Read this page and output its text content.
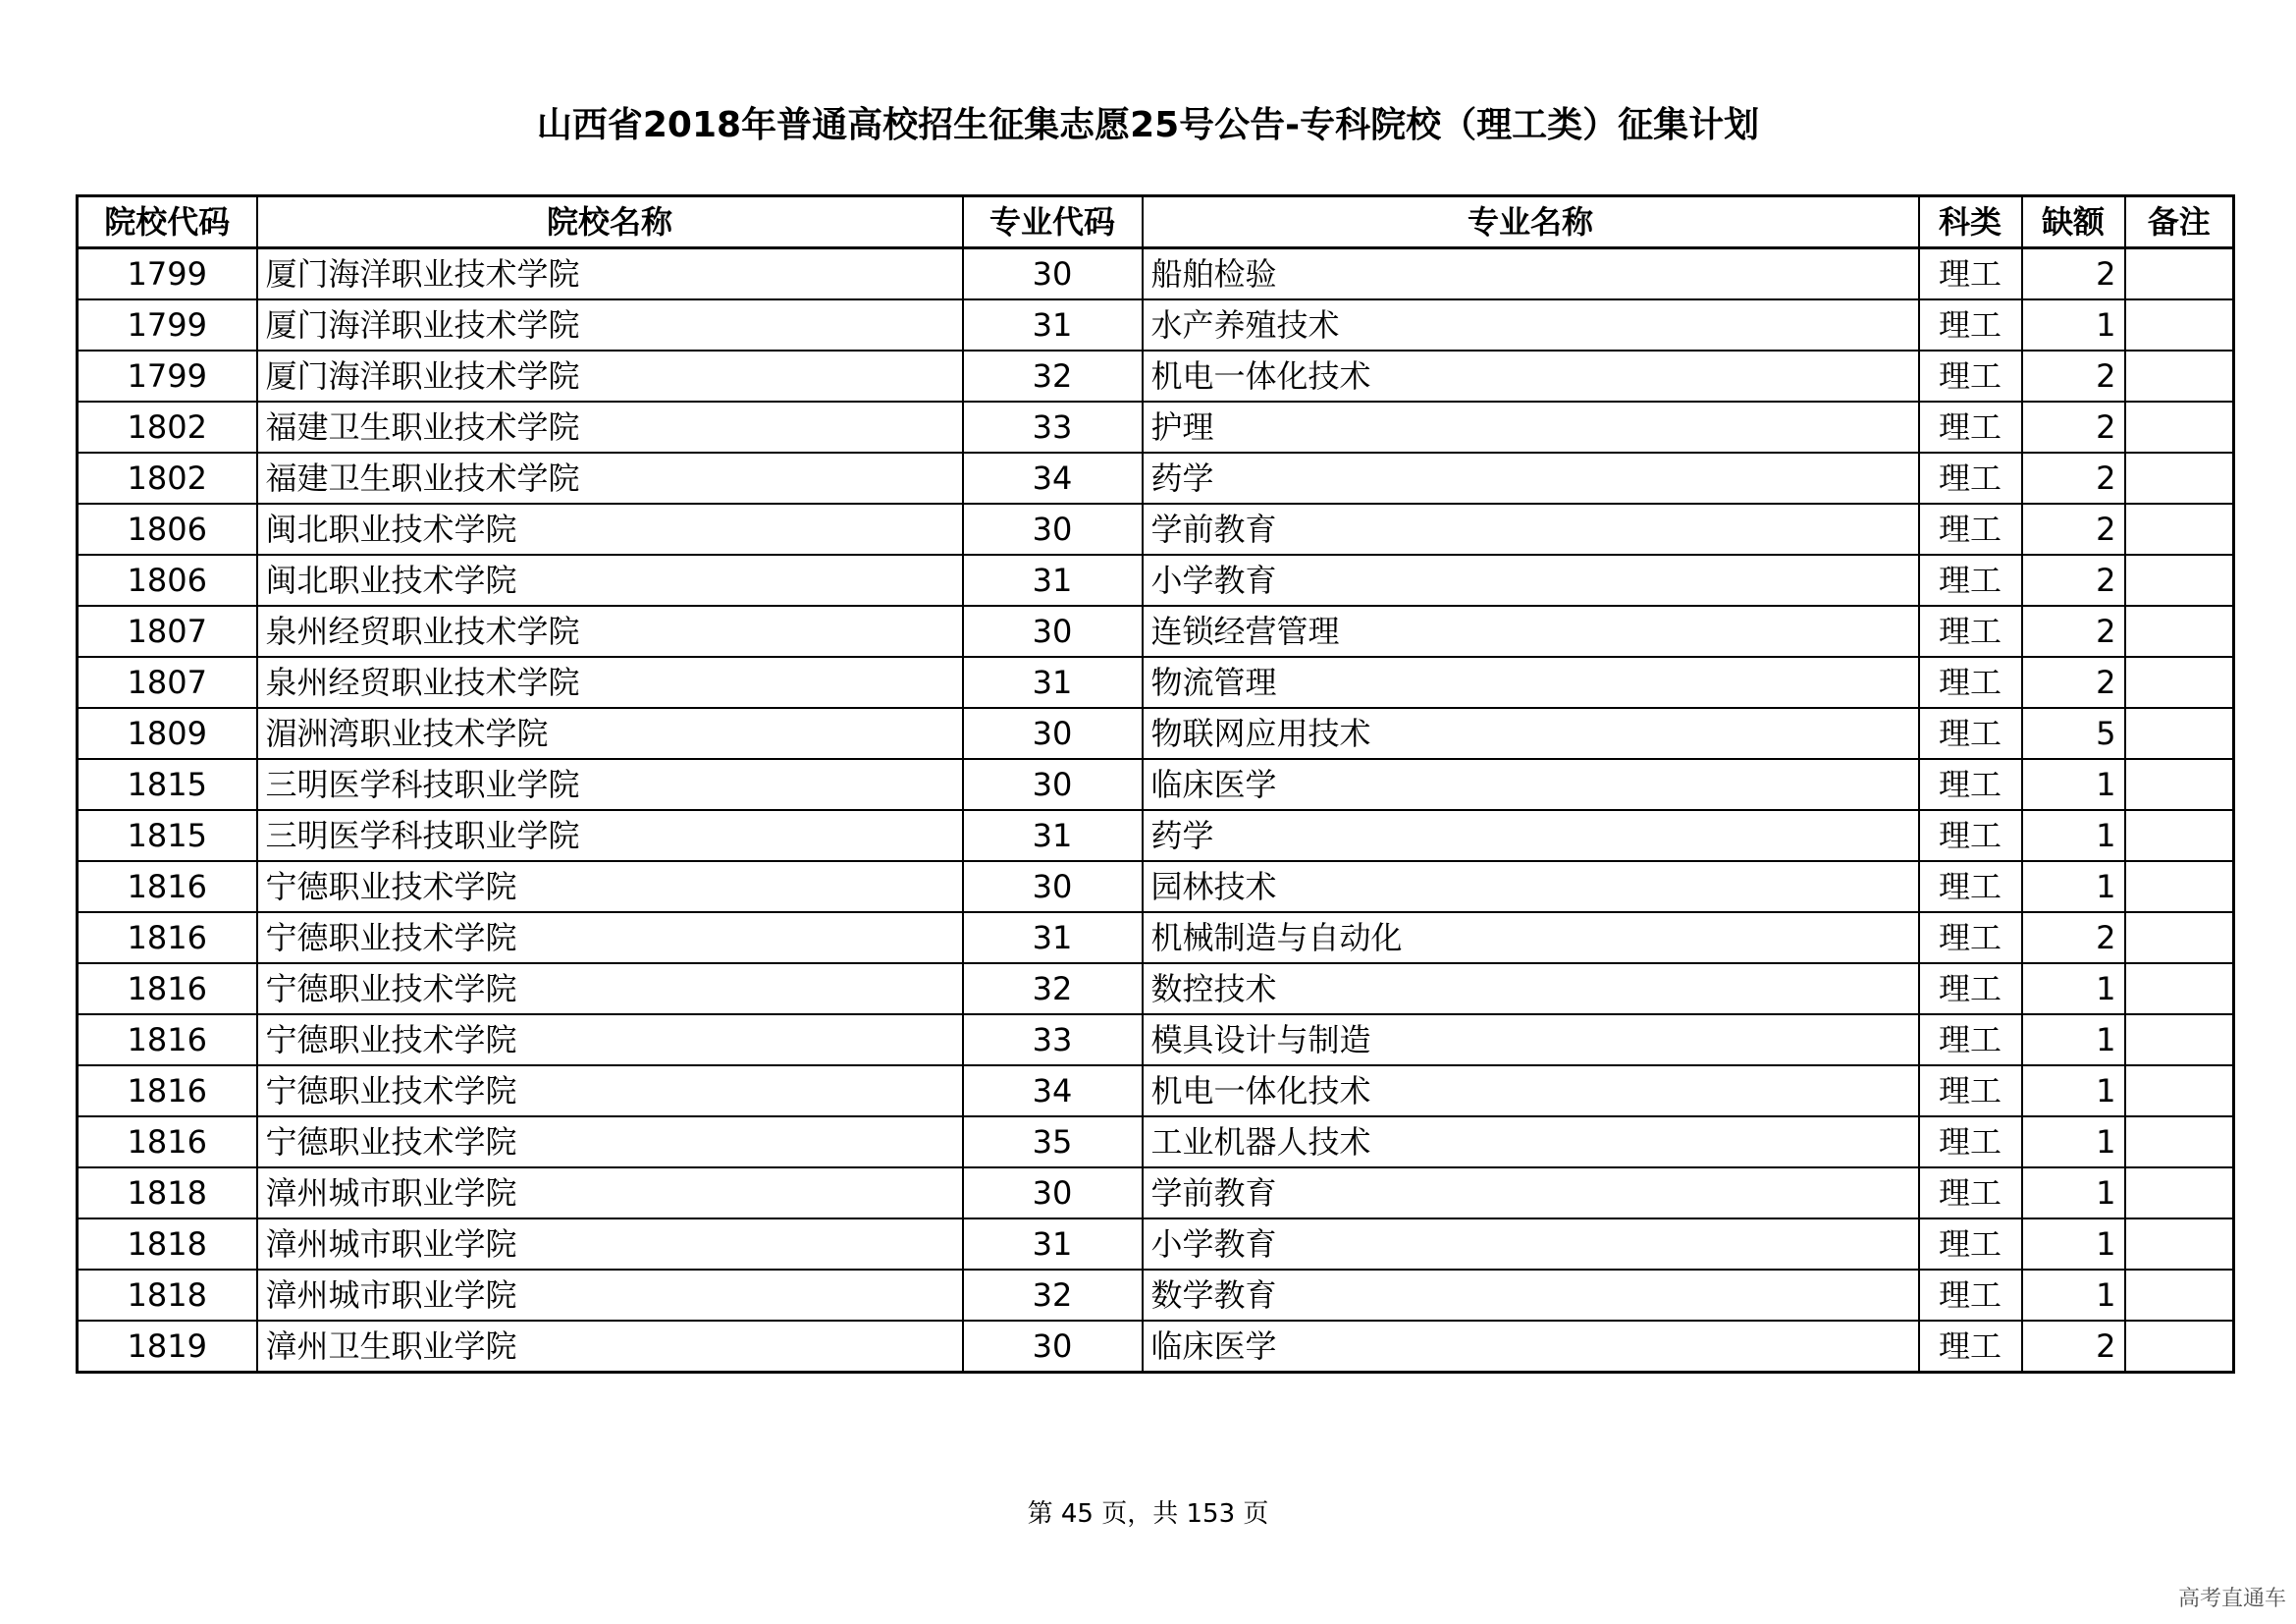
山西省2018年普通高校招生征集志愿25号公告-专科院校（理工类）征集计划
院校代码	院校名称	专业代码	专业名称	科类	缺额	备注
1799	厦门海洋职业技术学院	30	船舶检验	理工	2	
1799	厦门海洋职业技术学院	31	水产养殖技术	理工	1	
1799	厦门海洋职业技术学院	32	机电一体化技术	理工	2	
1802	福建卫生职业技术学院	33	护理	理工	2	
1802	福建卫生职业技术学院	34	药学	理工	2	
1806	闽北职业技术学院	30	学前教育	理工	2	
1806	闽北职业技术学院	31	小学教育	理工	2	
1807	泉州经贸职业技术学院	30	连锁经营管理	理工	2	
1807	泉州经贸职业技术学院	31	物流管理	理工	2	
1809	湄洲湾职业技术学院	30	物联网应用技术	理工	5	
1815	三明医学科技职业学院	30	临床医学	理工	1	
1815	三明医学科技职业学院	31	药学	理工	1	
1816	宁德职业技术学院	30	园林技术	理工	1	
1816	宁德职业技术学院	31	机械制造与自动化	理工	2	
1816	宁德职业技术学院	32	数控技术	理工	1	
1816	宁德职业技术学院	33	模具设计与制造	理工	1	
1816	宁德职业技术学院	34	机电一体化技术	理工	1	
1816	宁德职业技术学院	35	工业机器人技术	理工	1	
1818	漳州城市职业学院	30	学前教育	理工	1	
1818	漳州城市职业学院	31	小学教育	理工	1	
1818	漳州城市职业学院	32	数学教育	理工	1	
1819	漳州卫生职业学院	30	临床医学	理工	2	
第 45 页，共 153 页
高考直通车
